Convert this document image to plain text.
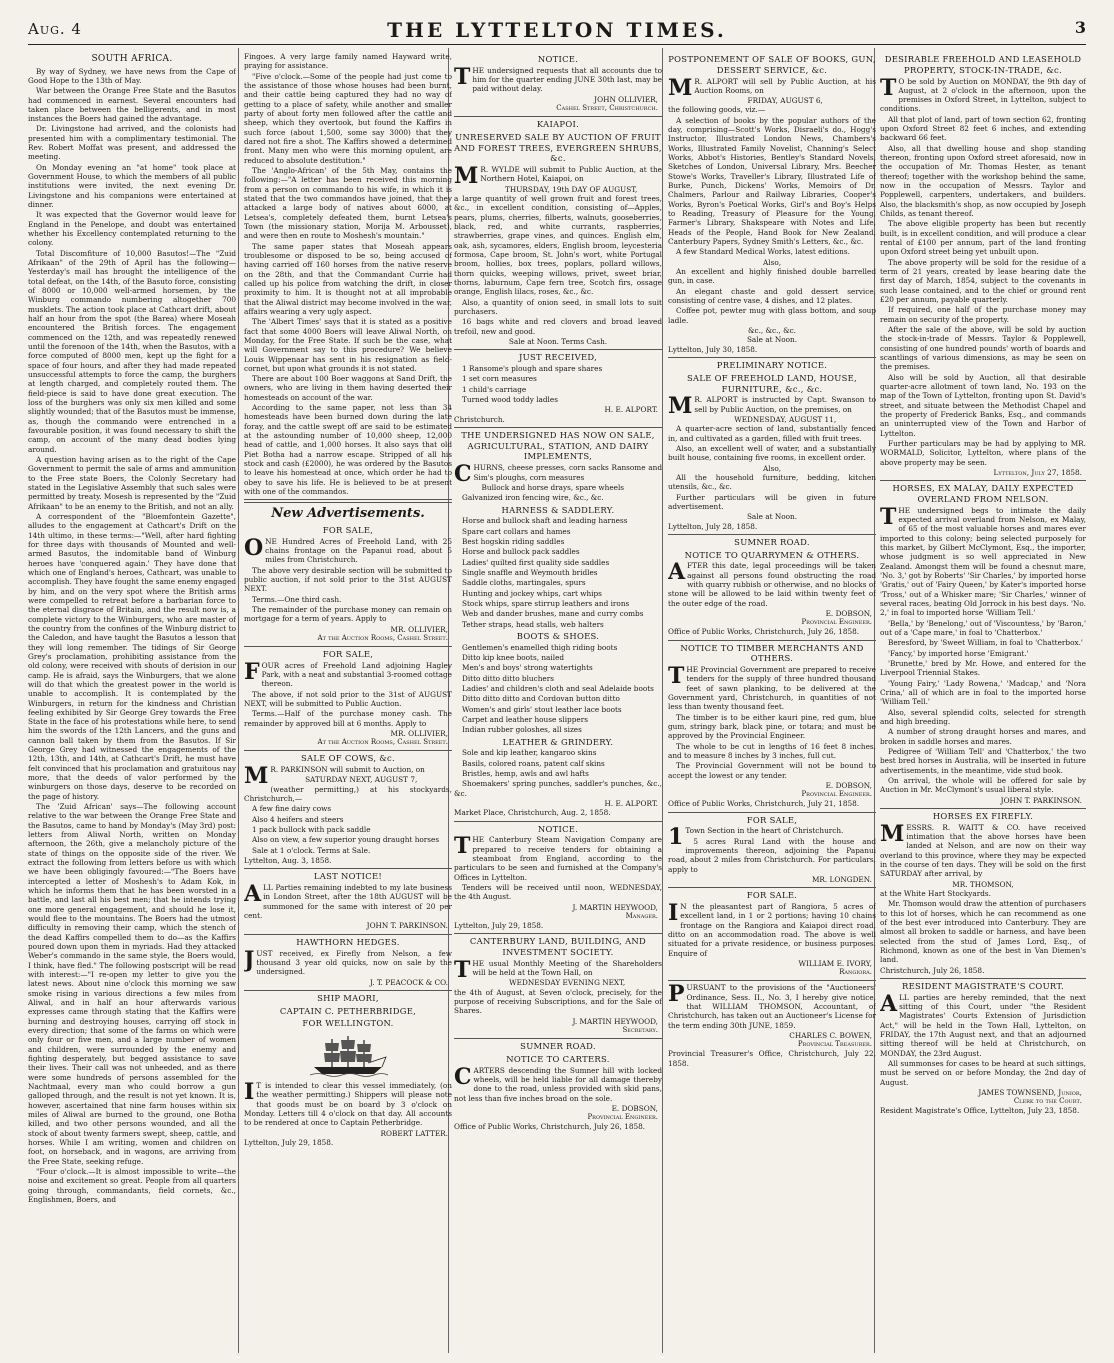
Aug. 4	THE LYTTELTON TIMES.	3
SOUTH AFRICA.

By way of Sydney, we have news from the Cape of Good Hope to the 13th of May.

War between the Orange Free State and the Basutos had commenced in earnest. Several encounters had taken place between the belligerents, and in most instances the Boers had gained the advantage.

Dr. Livingstone had arrived, and the colonists had presented him with a complimentary testimonial. The Rev. Robert Moffat was present, and addressed the meeting.

On Monday evening an "at home" took place at Government House, to which the members of all public institutions were invited, the next evening Dr. Livingstone and his companions were entertained at dinner.

It was expected that the Governor would leave for England in the Penelope, and doubt was entertained whether his Excellency contemplated returning to the colony.

Total Discomfiture of 10,000 Basutos!—The "Zuid Afrikaan" of the 29th of April has the following—Yesterday's mail has brought the intelligence of the total defeat, on the 14th, of the Basuto force, consisting of 8000 or 10,000 well-armed horsemen, by the Winburg commando numbering altogether 700 musklets. The action took place at Cathcart drift, about half an hour from the spot (the Barea) where Moseah encountered the British forces. The engagement commenced on the 12th, and was repeatedly renewed until the forenoon of the 14th, when the Basutos, with a force computed of 8000 men, kept up the fight for a space of four hours, and after they had made repeated unsuccessful attempts to force the camp, the burghers at length charged, and completely routed them. The field-piece is said to have done great execution. The loss of the burghers was only six men killed and some slightly wounded; that of the Basutos must be immense, as, though the commando were entrenched in a favourable position, it was found necessary to shift the camp, on account of the many dead bodies lying around.

A question having arisen as to the right of the Cape Government to permit the sale of arms and ammunition to the Free state Boers, the Colonly Secretary had stated in the Legislative Assembly that such sales were permitted by treaty. Mosesh is represented by the "Zuid Afrikaan" to be an enemy to the British, and not an ally.

A correspondent of the "Bloemfontein Gazette", alludes to the engagement at Cathcart's Drift on the 14th ultimo, in these terms:—"Well, after hard fighting for three days with thousands of Mounted and well-armed Basutos, the indomitable band of Winburg heroes have 'conquered again.' They have done that which one of England's heroes, Cathcart, was unable to accomplish. They have fought the same enemy engaged by him, and on the very spot where the British arms were compelled to retreat before a barbarian force to the eternal disgrace of Britain, and the result now is, a complete victory to the Winburgers, who are master of the country from the confines of the Winburg district to the Caledon, and have taught the Basutos a lesson that they will long remember. The tidings of Sir George Grey's proclamation, prohibiting assistance from the old colony, were received with shouts of derision in our camp. He is afraid, says the Winburgers, that we alone will do that which the greatest power in the world is unable to accomplish. It is contemplated by the Winburgers, in return for the kindness and Christian feeling exhibited by Sir George Grey towards the Free State in the face of his protestations while here, to send him the swords of the 12th Lancers, and the guns and cannon ball taken by them from the Basutos. If Sir George Grey had witnessed the engagements of the 12th, 13th, and 14th, at Cathcart's Drift, he must have felt convinced that his proclamation and gratuitous nay more, that the deeds of valor performed by the winburgers on those days, deserve to be recorded on the page of history.

The 'Zuid African' says—The following account relative to the war between the Orange Free State and the Basutos, came to hand by Monday's (May 3rd) post: letters from Aliwal North, written on Monday afternoon, the 26th, give a melancholy picture of the state of things on the opposite side of the river. We extract the following from letters before us with which we have been obligingly favoured:—"The Boers have intercepted a letter of Moshesh's to Adam Kok, in which he informs them that he has been worsted in a battle, and last all his best men; that he intends trying one more general engagement, and should he lose it, would flee to the mountains. The Boers had the utmost difficulty in removing their camp, which the stench of the dead Kaffirs compelled them to do—as the Kaffirs poured down upon them in myriads. Had they attacked Weber's commando in the same style, the Boers would, I think, have fled." The following postscript will be read with interest:—"I re-open my letter to give you the latest news. About nine o'clock this morning we saw smoke rising in various directions a few miles from Aliwal, and in half an hour afterwards various expresses came through stating that the Kaffirs were burning and destroying houses, carrying off stock in every direction; that some of the farms on which were only four or five men, and a large number of women and children, were surrounded by the enemy and fighting desperately, but begged assistance to save their lives. Their call was not unheeded, and as there were some hundreds of persons assembled for the Nachtmaal, every man who could borrow a gun galloped through, and the result is not yet known. It is, however, ascertained that nine farm houses within six miles of Aliwal are burned to the ground, one Botha killed, and two other persons wounded, and all the stock of about twenty farmers swept, sheep, cattle, and horses. While I am writing, women and children on foot, on horseback, and in wagons, are arriving from the Free State, seeking refuge.

"Four o'clock.—It is almost impossible to write—the noise and excitement so great. People from all quarters going through, commandants, field cornets, &c., Englishmen, Boers, and

Fingoes. A very large family named Hayward write, praying for assistance.

"Five o'clock.—Some of the people had just come to the assistance of those whose houses had been burnt, and their cattle being captured they had no way of getting to a place of safety, while another and smaller party of about forty men followed after the cattle and sheep, which they overtook, but found the Kaffirs in such force (about 1,500, some say 3000) that they dared not fire a shot. The Kaffirs showed a determined front. Many men who were this morning opulent, are reduced to absolute destitution."

The 'Anglo-African' of the 5th May, contains the following:—"A letter has been received this morning from a person on commando to his wife, in which it is stated that the two commandos have joined, that they attacked a large body of natives about 6000, at Letsea's, completely defeated them, burnt Letsea's Town (the missionary station, Morija M. Arbousset), and were then en route to Moshesh's mountain."

The same paper states that Moseah appears troublesome or disposed to be so, being accused of having carried off 160 horses from the native reserve on the 28th, and that the Commandant Currie had called up his police from watching the drift, in closer proximity to him. It is thought not at all improbable that the Aliwal district may become involved in the war, affairs wearing a very ugly aspect.

The 'Albert Times' says that it is stated as a positive fact that some 4000 Boers will leave Aliwal North, on Monday, for the Free State. If such be the case, what will Government say to this procedure? We believe Louis Wippenaar has sent in his resignation as field-cornet, but upon what grounds it is not stated.

There are about 100 Boer waggons at Sand Drift, the owners, who are living in them having deserted their homesteads on account of the war.

According to the same paper, not less than 34 homesteads have been burned down during the late foray, and the cattle swept off are said to be estimated at the astounding number of 10,000 sheep, 12,000 head of cattle, and 1,000 horses. It also says that old Piet Botha had a narrow escape. Stripped of all his stock and cash (£2000), he was ordered by the Basutos to leave his homestead at once, which order he had to obey to save his life. He is believed to be at present with one of the commandos.

New Advertisements.
FOR SALE,

ONE Hundred Acres of Freehold Land, with 25 chains frontage on the Papanui road, about 5 miles from Christchurch.

The above very desirable section will be submitted to public auction, if not sold prior to the 31st AUGUST NEXT.

Terms.—One third cash.

The remainder of the purchase money can remain on mortgage for a term of years. Apply to

MR. OLLIVIER,
At the Auction Rooms, Cashel Street.
FOR SALE,

FOUR acres of Freehold Land adjoining Hagley Park, with a neat and substantial 3-roomed cottage thereon.

The above, if not sold prior to the 31st of AUGUST NEXT, will be submitted to Public Auction.

Terms.—Half of the purchase money cash. The remainder by approved bill at 6 months. Apply to

MR. OLLIVIER,
At the Auction Rooms, Cashel Street.
SALE OF COWS, &c.

M R. PARKINSON will submit to Auction, on

SATURDAY NEXT, AUGUST 7,

(weather permitting,) at his stockyards, Christchurch,—

A few fine dairy cows

Also 4 heifers and steers

1 pack bullock with pack saddle

Also on view, a few superior young draught horses

Sale at 1 o'clock. Terms at Sale.

Lyttelton, Aug. 3, 1858.

LAST NOTICE!

ALL Parties remaining indebted to my late business in London Street, after the 18th AUGUST will be summoned for the same with interest of 20 per cent.

JOHN T. PARKINSON.
HAWTHORN HEDGES.

JUST received, ex Firefly from Nelson, a few thousand 3 year old quicks, now on sale by the undersigned.

J. T. PEACOCK & CO.
SHIP MAORI,
CAPTAIN C. PETHERBRIDGE,
FOR WELLINGTON.

I T is intended to clear this vessel immediately, (on the weather permitting.) Shippers will please note that goods must be on board by 3 o'clock on Monday. Letters till 4 o'clock on that day. All accounts to be rendered at once to Captain Petherbridge.

ROBERT LATTER.

Lyttelton, July 29, 1858.

NOTICE.

THE undersigned requests that all accounts due to him for the quarter ending JUNE 30th last, may be paid without delay.

JOHN OLLIVIER,
Cashel Street, Christchurch.
KAIAPOI.
UNRESERVED SALE BY AUCTION OF FRUIT AND FOREST TREES, EVERGREEN SHRUBS, &c.

M R. WYLDE will submit to Public Auction, at the Northern Hotel, Kaiapoi, on

THURSDAY, 19th DAY OF AUGUST,

a large quantity of well grown fruit and forest trees, &c., in excellent condition, consisting of—Apples, pears, plums, cherries, filberts, walnuts, gooseberries, black, red, and white currants, raspberries, strawberries, grape vines, and quinces. English elm, oak, ash, sycamores, elders, English broom, leycesteria formosa, Cape broom, St. John's wort, white Portugal broom, hollies, box trees, poplars, pollard willows, thorn quicks, weeping willows, privet, sweet briar, thorns, laburnum, Cape fern tree, Scotch firs, ossage orange, English lilacs, roses, &c., &c.

Also, a quantity of onion seed, in small lots to suit purchasers.

16 bags white and red clovers and broad leaved trefoil, new and good.

Sale at Noon. Terms Cash.
JUST RECEIVED,

1 Ransome's plough and spare shares

1 set corn measures

1 child's carriage

Turned wood toddy ladles

H. E. ALPORT.

Christchurch.

THE UNDERSIGNED HAS NOW ON SALE, AGRICULTURAL, STATION, AND DAIRY IMPLEMENTS,

CHURNS, cheese presses, corn sacks Ransome and Sim's ploughs, corn measures

Bullock and horse drays, spare wheels

Galvanized iron fencing wire, &c., &c.

HARNESS & SADDLERY.

Horse and bullock shaft and leading harness

Spare cart collars and hames

Best hogskin riding saddles

Horse and bullock pack saddles

Ladies' quilted first quality side saddles

Single snaffle and Weymouth bridles

Saddle cloths, martingales, spurs

Hunting and jockey whips, cart whips

Stock whips, spare stirrup leathers and irons

Web and dander brushes, mane and curry combs

Tether straps, head stalls, web halters

BOOTS & SHOES.

Gentlemen's enamelled thigh riding boots

Ditto kip knee boots, nailed

Men's and boys' strong watertights

Ditto ditto ditto bluchers

Ladies' and children's cloth and seal Adelaide boots

Ditto ditto ditto and Cordovan button ditto

Women's and girls' stout leather lace boots

Carpet and leather house slippers

Indian rubber goloshes, all sizes

LEATHER & GRINDERY.

Sole and kip leather, kangaroo skins

Basils, colored roans, patent calf skins

Bristles, hemp, awls and awl hafts

Shoemakers' spring punches, saddler's punches, &c., &c.

H. E. ALPORT.

Market Place, Christchurch, Aug. 2, 1858.

NOTICE.

THE Canterbury Steam Navigation Company are prepared to receive tenders for obtaining a steamboat from England, according to the particulars to be seen and furnished at the Company's Offices in Lyttelton.

Tenders will be received until noon, WEDNESDAY, the 4th August.

J. MARTIN HEYWOOD,
Manager.

Lyttelton, July 29, 1858.

CANTERBURY LAND, BUILDING, AND INVESTMENT SOCIETY.

THE usual Monthly Meeting of the Shareholders will be held at the Town Hall, on

WEDNESDAY EVENING NEXT,

the 4th of August, at Seven o'clock, precisely, for the purpose of receiving Subscriptions, and for the Sale of Shares.

J. MARTIN HEYWOOD,
Secretary.
SUMNER ROAD.
NOTICE TO CARTERS.

CARTERS descending the Sumner hill with locked wheels, will be held liable for all damage thereby done to the road, unless provided with skid pans, not less than five inches broad on the sole.

E. DOBSON,
Provincial Engineer.

Office of Public Works, Christchurch, July 26, 1858.

POSTPONEMENT OF SALE OF BOOKS, GUN, DESSERT SERVICE, &c.

M R. ALPORT will sell by Public Auction, at his Auction Rooms, on

FRIDAY, AUGUST 6,

the following goods, viz.—

A selection of books by the popular authors of the day, comprising—Scott's Works, Disraeli's do., Hogg's Instructor, Illustrated London News, Chambers's Works, Illustrated Family Novelist, Channing's Select Works, Abbot's Histories, Bentley's Standard Novels, Sketches of London, Universal Library, Mrs. Beecher Stowe's Works, Traveller's Library, Illustrated Life of Burke, Punch, Dickens' Works, Memoirs of Dr. Chalmers, Parlour and Railway Libraries, Cooper's Works, Byron's Poetical Works, Girl's and Boy's Helps to Reading, Treasury of Pleasure for the Young, Farmer's Library, Shakspeare with Notes and Life, Heads of the People, Hand Book for New Zealand, Canterbury Papers, Sydney Smith's Letters, &c., &c.

A few Standard Medical Works, latest editions.

Also,

An excellent and highly finished double barrelled gun, in case.

An elegant chaste and gold dessert service, consisting of centre vase, 4 dishes, and 12 plates.

Coffee pot, pewter mug with glass bottom, and soup ladle.

&c., &c., &c.
Sale at Noon.

Lyttelton, July 30, 1858.

PRELIMINARY NOTICE.
SALE OF FREEHOLD LAND, HOUSE, FURNITURE, &c., &c.

M R. ALPORT is instructed by Capt. Swanson to sell by Public Auction, on the premises, on

WEDNESDAY, AUGUST 11,

A quarter-acre section of land, substantially fenced in, and cultivated as a garden, filled with fruit trees.

Also, an excellent well of water, and a substantially built house, containing five rooms, in excellent order.

Also,

All the household furniture, bedding, kitchen utensils, &c., &c.

Further particulars will be given in future advertisement.

Sale at Noon.

Lyttelton, July 28, 1858.

SUMNER ROAD.
NOTICE TO QUARRYMEN & OTHERS.

AFTER this date, legal proceedings will be taken against all persons found obstructing the road with quarry rubbish or otherwise, and no blocks of stone will be allowed to be laid within twenty feet of the outer edge of the road.

E. DOBSON,
Provincial Engineer.

Office of Public Works, Christchurch, July 26, 1858.

NOTICE TO TIMBER MERCHANTS AND OTHERS.

THE Provincial Government are prepared to receive tenders for the supply of three hundred thousand feet of sawn planking, to be delivered at the Government yard, Christchurch, in quantities of not less than twenty thousand feet.

The timber is to be either kauri pine, red gum, blue gum, stringy bark, black pine, or totara; and must be approved by the Provincial Engineer.

The whole to be cut in lengths of 16 feet 8 inches, and to measure 8 inches by 3 inches, full cut.

The Provincial Government will not be bound to accept the lowest or any tender.

E. DOBSON,
Provincial Engineer.

Office of Public Works, Christchurch, July 21, 1858.

FOR SALE,

1 Town Section in the heart of Christchurch.

5 acres Rural Land with the house and improvements thereon, adjoining the Papanui road, about 2 miles from Christchurch. For particulars, apply to

MR. LONGDEN.
FOR SALE.

I N the pleasantest part of Rangiora, 5 acres of excellent land, in 1 or 2 portions; having 10 chains frontage on the Rangiora and Kaiapoi direct road, ditto on an accommodation road. The above is well situated for a private residence, or business purposes. Enquire of

WILLIAM E. IVORY,
Rangiora.

PURSUANT to the provisions of the "Auctioneers' Ordinance, Sess. II., No. 3, I hereby give notice, that WILLIAM THOMSON, Accountant, of Christchurch, has taken out an Auctioneer's License for the term ending 30th JUNE, 1859.

CHARLES C. BOWEN,
Provincial Treasurer.

Provincial Treasurer's Office, Christchurch, July 22, 1858.

DESIRABLE FREEHOLD AND LEASEHOLD PROPERTY, STOCK-IN-TRADE, &c.

T O be sold by Auction on MONDAY, the 9th day of August, at 2 o'clock in the afternoon, upon the premises in Oxford Street, in Lyttelton, subject to conditions.

All that plot of land, part of town section 62, fronting upon Oxford Street 82 feet 6 inches, and extending backward 66 feet.

Also, all that dwelling house and shop standing thereon, fronting upon Oxford street aforesaid, now in the occupation of Mr. Thomas Hester, as tenant thereof; together with the workshop behind the same, now in the occupation of Messrs. Taylor and Popplewell, carpenters, undertakers, and builders. Also, the blacksmith's shop, as now occupied by Joseph Childs, as tenant thereof.

The above eligible property has been but recently built, is in excellent condition, and will produce a clear rental of £100 per annum, part of the land fronting upon Oxford street being yet unbuilt upon.

The above property will be sold for the residue of a term of 21 years, created by lease bearing date the first day of March, 1854, subject to the covenants in such lease contained, and to the chief or ground rent £20 per annum, payable quarterly.

If required, one half of the purchase money may remain on security of the property.

After the sale of the above, will be sold by auction the stock-in-trade of Messrs. Taylor & Popplewell, consisting of one hundred pounds' worth of boards and scantlings of various dimensions, as may be seen on the premises.

Also will be sold by Auction, all that desirable quarter-acre allotment of town land, No. 193 on the map of the Town of Lyttelton, fronting upon St. David's street, and situate between the Methodist Chapel and the property of Frederick Banks, Esq., and commands an uninterrupted view of the Town and Harbor of Lyttelton.

Further particulars may be had by applying to MR. WORMALD, Solicitor, Lyttelton, where plans of the above property may be seen.

Lyttelton, July 27, 1858.
HORSES, EX MALAY, DAILY EXPECTED OVERLAND FROM NELSON.

THE undersigned begs to intimate the daily expected arrival overland from Nelson, ex Malay, of 65 of the most valuable horses and mares ever imported to this colony; being selected purposely for this market, by Gilbert McClymont, Esq., the importer, whose judgment is so well appreciated in New Zealand. Amongst them will be found a chesnut mare, 'No. 3,' got by Roberts' 'Sir Charles,' by imported horse 'Gratis,' out of 'Fairy Queen,' by Kater's imported horse 'Tross,' out of a Whisker mare; 'Sir Charles,' winner of several races, beating Old Jorrock in his best days. 'No. 2,' in foal to imported horse 'William Tell.'

'Bella,' by 'Benelong,' out of 'Viscountess,' by 'Baron,' out of a 'Cape mare,' in foal to 'Chatterbox.'

Beresford, by 'Sweet William, in foal to 'Chatterbox.'

'Fancy,' by imported horse 'Emigrant.'

'Brunette,' bred by Mr. Howe, and entered for the Liverpool Triennial Stakes.

'Young Fairy,' 'Lady Rowena,' 'Madcap,' and 'Nora Crina,' all of which are in foal to the imported horse 'William Tell.'

Also, several splendid colts, selected for strength and high breeding.

A number of strong draught horses and mares, and broken in saddle horses and mares.

Pedigree of 'William Tell' and 'Chatterbox,' the two best bred horses in Australia, will be inserted in future advertisements, in the meantime, vide stud book.

On arrival, the whole will be offered for sale by Auction in Mr. McClymont's usual liberal style.

JOHN T. PARKINSON.
HORSES EX FIREFLY.

MESSRS. R. WAITT & CO. have received intimation that the above horses have been landed at Nelson, and are now on their way overland to this province, where they may be expected in the course of ten days. They will be sold on the first SATURDAY after arrival, by

MR. THOMSON,

at the White Hart Stockyards.

Mr. Thomson would draw the attention of purchasers to this lot of horses, which he can recommend as one of the best ever introduced into Canterbury. They are almost all broken to saddle or harness, and have been selected from the stud of James Lord, Esq., of Richmond, known as one of the best in Van Diemen's land.

Christchurch, July 26, 1858.

RESIDENT MAGISTRATE'S COURT.

ALL parties are hereby reminded, that the next sitting of this Court, under "the Resident Magistrates' Courts Extension of Jurisdiction Act," will be held in the Town Hall, Lyttelton, on FRIDAY, the 17th August next, and that an adjourned sitting thereof will be held at Christchurch, on MONDAY, the 23rd August.

All summonses for cases to be heard at such sittings, must be served on or before Monday, the 2nd day of August.

JAMES TOWNSEND, Junior,
Clerk to the Court.

Resident Magistrate's Office, Lyttelton, July 23, 1858.
